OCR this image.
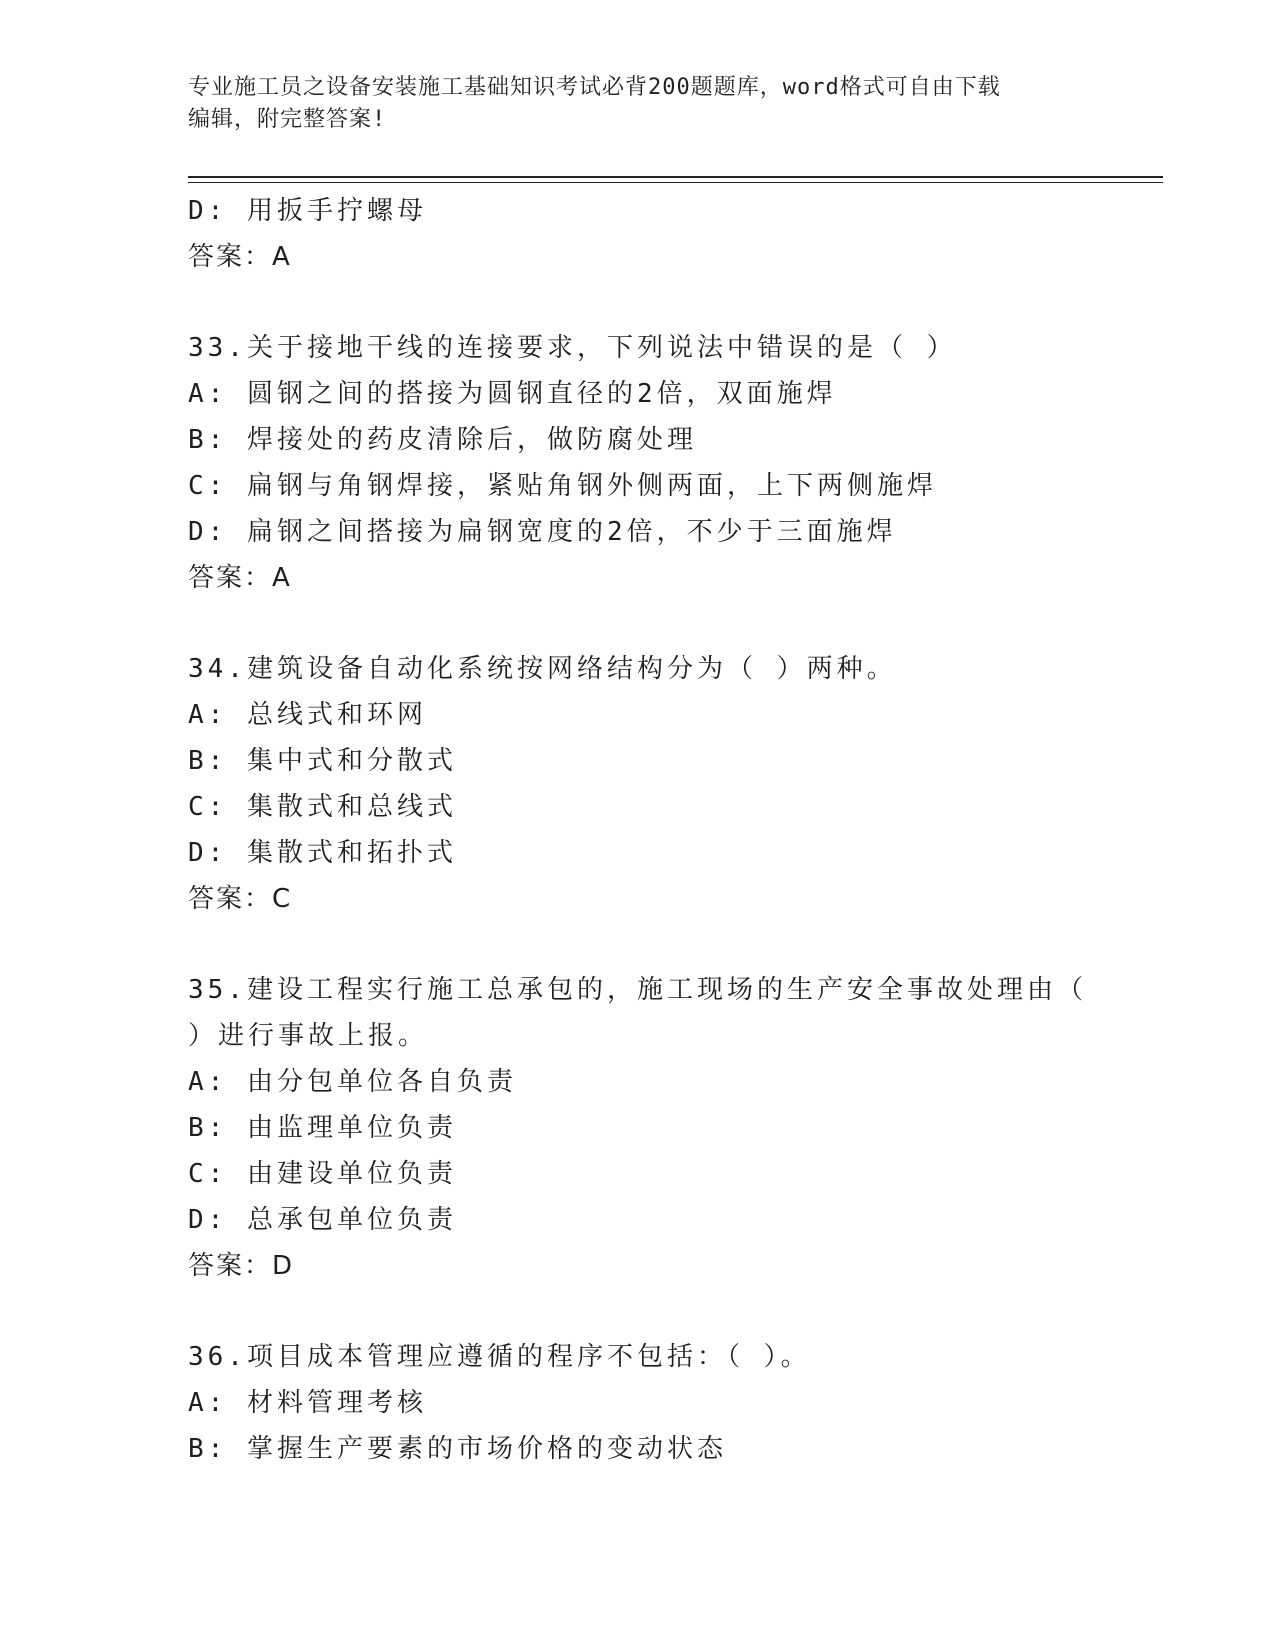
专业施工员之设备安装施工基础知识考试必背200题题库，word格式可自由下载
编辑，附完整答案!
D: 用扳手拧螺母
答案：A
33.关于接地干线的连接要求，下列说法中错误的是（ ）
A: 圆钢之间的搭接为圆钢直径的2倍，双面施焊
B: 焊接处的药皮清除后，做防腐处理
C: 扁钢与角钢焊接，紧贴角钢外侧两面，上下两侧施焊
D: 扁钢之间搭接为扁钢宽度的2倍，不少于三面施焊
答案：A
34.建筑设备自动化系统按网络结构分为（ ）两种。
A: 总线式和环网
B: 集中式和分散式
C: 集散式和总线式
D: 集散式和拓扑式
答案：C
35.建设工程实行施工总承包的，施工现场的生产安全事故处理由（
）进行事故上报。
A: 由分包单位各自负责
B: 由监理单位负责
C: 由建设单位负责
D: 总承包单位负责
答案：D
36.项目成本管理应遵循的程序不包括：（ ）。
A: 材料管理考核
B: 掌握生产要素的市场价格的变动状态
